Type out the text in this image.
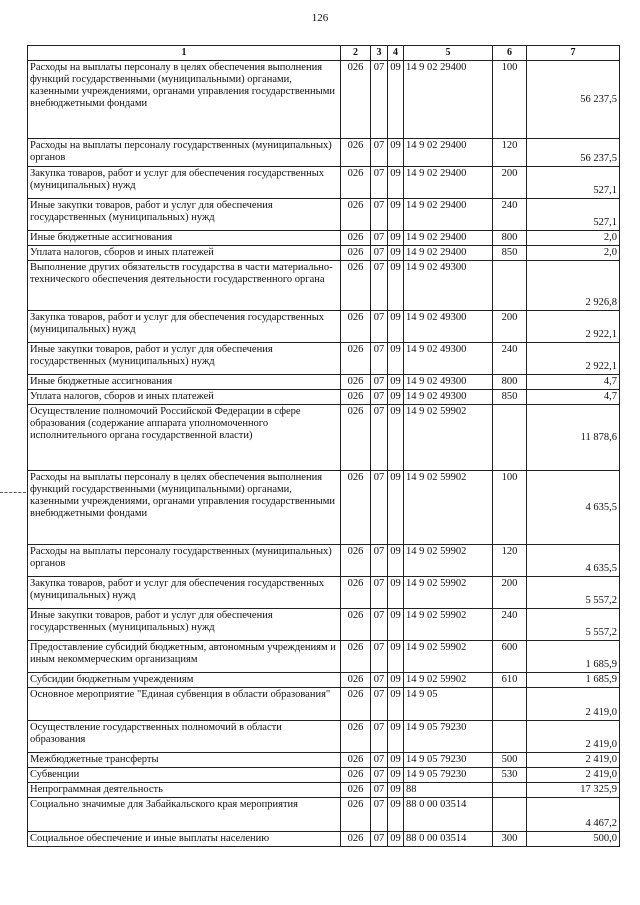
126
1	2	3	4	5	6	7
Расходы на выплаты персоналу в целях обеспечения выполнения функций государственными (муниципальными) органами, казенными учреждениями, органами управления государственными внебюджетными фондами	026	07	09	14 9 02 29400	100	56 237,5
Расходы на выплаты персоналу государственных (муниципальных) органов	026	07	09	14 9 02 29400	120	56 237,5
Закупка товаров, работ и услуг для обеспечения государственных (муниципальных) нужд	026	07	09	14 9 02 29400	200	527,1
Иные закупки товаров, работ и услуг для обеспечения государственных (муниципальных) нужд	026	07	09	14 9 02 29400	240	527,1
Иные бюджетные ассигнования	026	07	09	14 9 02 29400	800	2,0
Уплата налогов, сборов и иных платежей	026	07	09	14 9 02 29400	850	2,0
Выполнение других обязательств государства в части материально-технического обеспечения деятельности государственного органа	026	07	09	14 9 02 49300		2 926,8
Закупка товаров, работ и услуг для обеспечения государственных (муниципальных) нужд	026	07	09	14 9 02 49300	200	2 922,1
Иные закупки товаров, работ и услуг для обеспечения государственных (муниципальных) нужд	026	07	09	14 9 02 49300	240	2 922,1
Иные бюджетные ассигнования	026	07	09	14 9 02 49300	800	4,7
Уплата налогов, сборов и иных платежей	026	07	09	14 9 02 49300	850	4,7
Осуществление полномочий Российской Федерации в сфере образования (содержание аппарата уполномоченного исполнительного органа государственной власти)	026	07	09	14 9 02 59902		11 878,6
Расходы на выплаты персоналу в целях обеспечения выполнения функций государственными (муниципальными) органами, казенными учреждениями, органами управления государственными внебюджетными фондами	026	07	09	14 9 02 59902	100	4 635,5
Расходы на выплаты персоналу государственных (муниципальных) органов	026	07	09	14 9 02 59902	120	4 635,5
Закупка товаров, работ и услуг для обеспечения государственных (муниципальных) нужд	026	07	09	14 9 02 59902	200	5 557,2
Иные закупки товаров, работ и услуг для обеспечения государственных (муниципальных) нужд	026	07	09	14 9 02 59902	240	5 557,2
Предоставление субсидий бюджетным, автономным учреждениям и иным некоммерческим организациям	026	07	09	14 9 02 59902	600	1 685,9
Субсидии бюджетным учреждениям	026	07	09	14 9 02 59902	610	1 685,9
Основное мероприятие "Единая субвенция в области образования"	026	07	09	14 9 05		2 419,0
Осуществление государственных полномочий в области образования	026	07	09	14 9 05 79230		2 419,0
Межбюджетные трансферты	026	07	09	14 9 05 79230	500	2 419,0
Субвенции	026	07	09	14 9 05 79230	530	2 419,0
Непрограммная деятельность	026	07	09	88		17 325,9
Социально значимые для Забайкальского края мероприятия	026	07	09	88 0 00 03514		4 467,2
Социальное обеспечение и иные выплаты населению	026	07	09	88 0 00 03514	300	500,0
